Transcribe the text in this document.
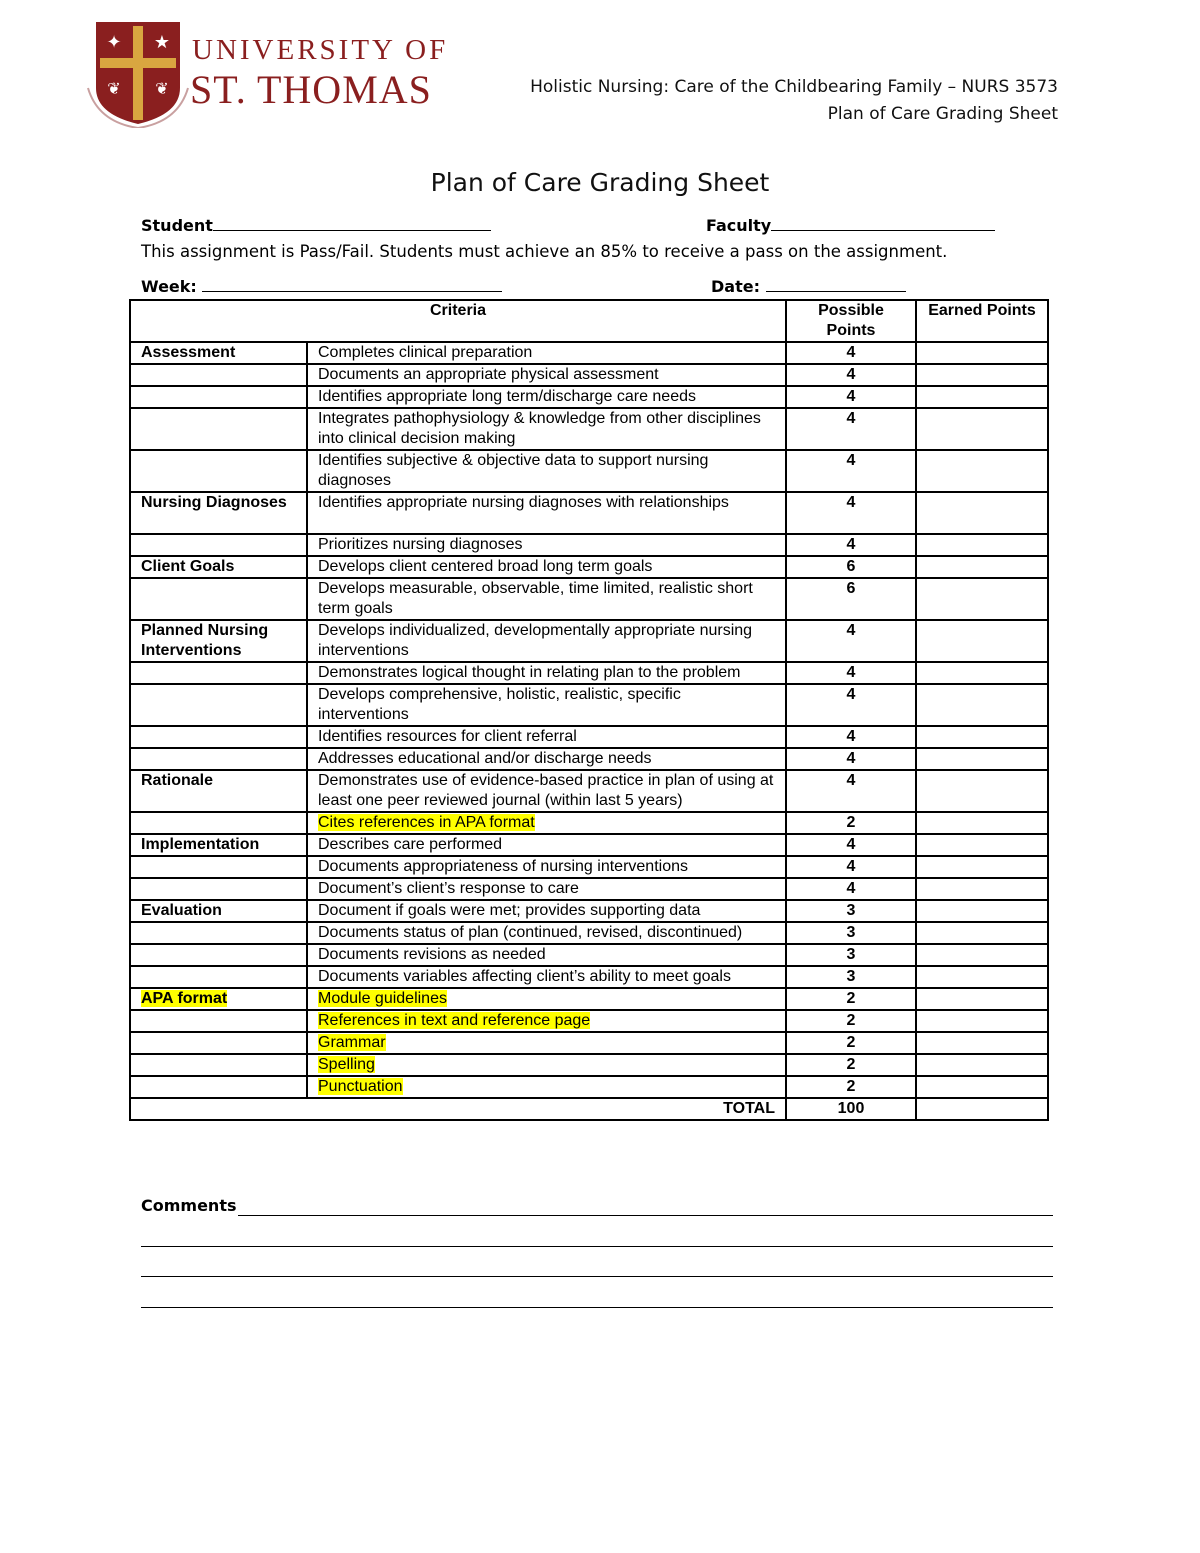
✦ ★
❦ ❦
UNIVERSITY OF
ST. THOMAS	Holistic Nursing: Care of the Childbearing Family – NURS 3573
Plan of Care Grading Sheet
Plan of Care Grading Sheet
Student	Faculty
This assignment is Pass/Fail. Students must achieve an 85% to receive a pass on the assignment.
Week:	Date:
Criteria		Possible Points	Earned Points
Assessment	Completes clinical preparation	4	
	Documents an appropriate physical assessment	4	
	Identifies appropriate long term/discharge care needs	4	
	Integrates pathophysiology & knowledge from other disciplines into clinical decision making	4	
	Identifies subjective & objective data to support nursing diagnoses	4	
Nursing Diagnoses	Identifies appropriate nursing diagnoses with relationships	4	
	Prioritizes nursing diagnoses	4	
Client Goals	Develops client centered broad long term goals	6	
	Develops measurable, observable, time limited, realistic short term goals	6	
Planned Nursing Interventions	Develops individualized, developmentally appropriate nursing interventions	4	
	Demonstrates logical thought in relating plan to the problem	4	
	Develops comprehensive, holistic, realistic, specific interventions	4	
	Identifies resources for client referral	4	
	Addresses educational and/or discharge needs	4	
Rationale	Demonstrates use of evidence-based practice in plan of using at least one peer reviewed journal (within last 5 years)	4	
	Cites references in APA format	2	
Implementation	Describes care performed	4	
	Documents appropriateness of nursing interventions	4	
	Document’s client’s response to care	4	
Evaluation	Document if goals were met; provides supporting data	3	
	Documents status of plan (continued, revised, discontinued)	3	
	Documents revisions as needed	3	
	Documents variables affecting client’s ability to meet goals	3	
APA format	Module guidelines	2	
	References in text and reference page	2	
	Grammar	2	
	Spelling	2	
	Punctuation	2	
TOTAL		100	
Comments
